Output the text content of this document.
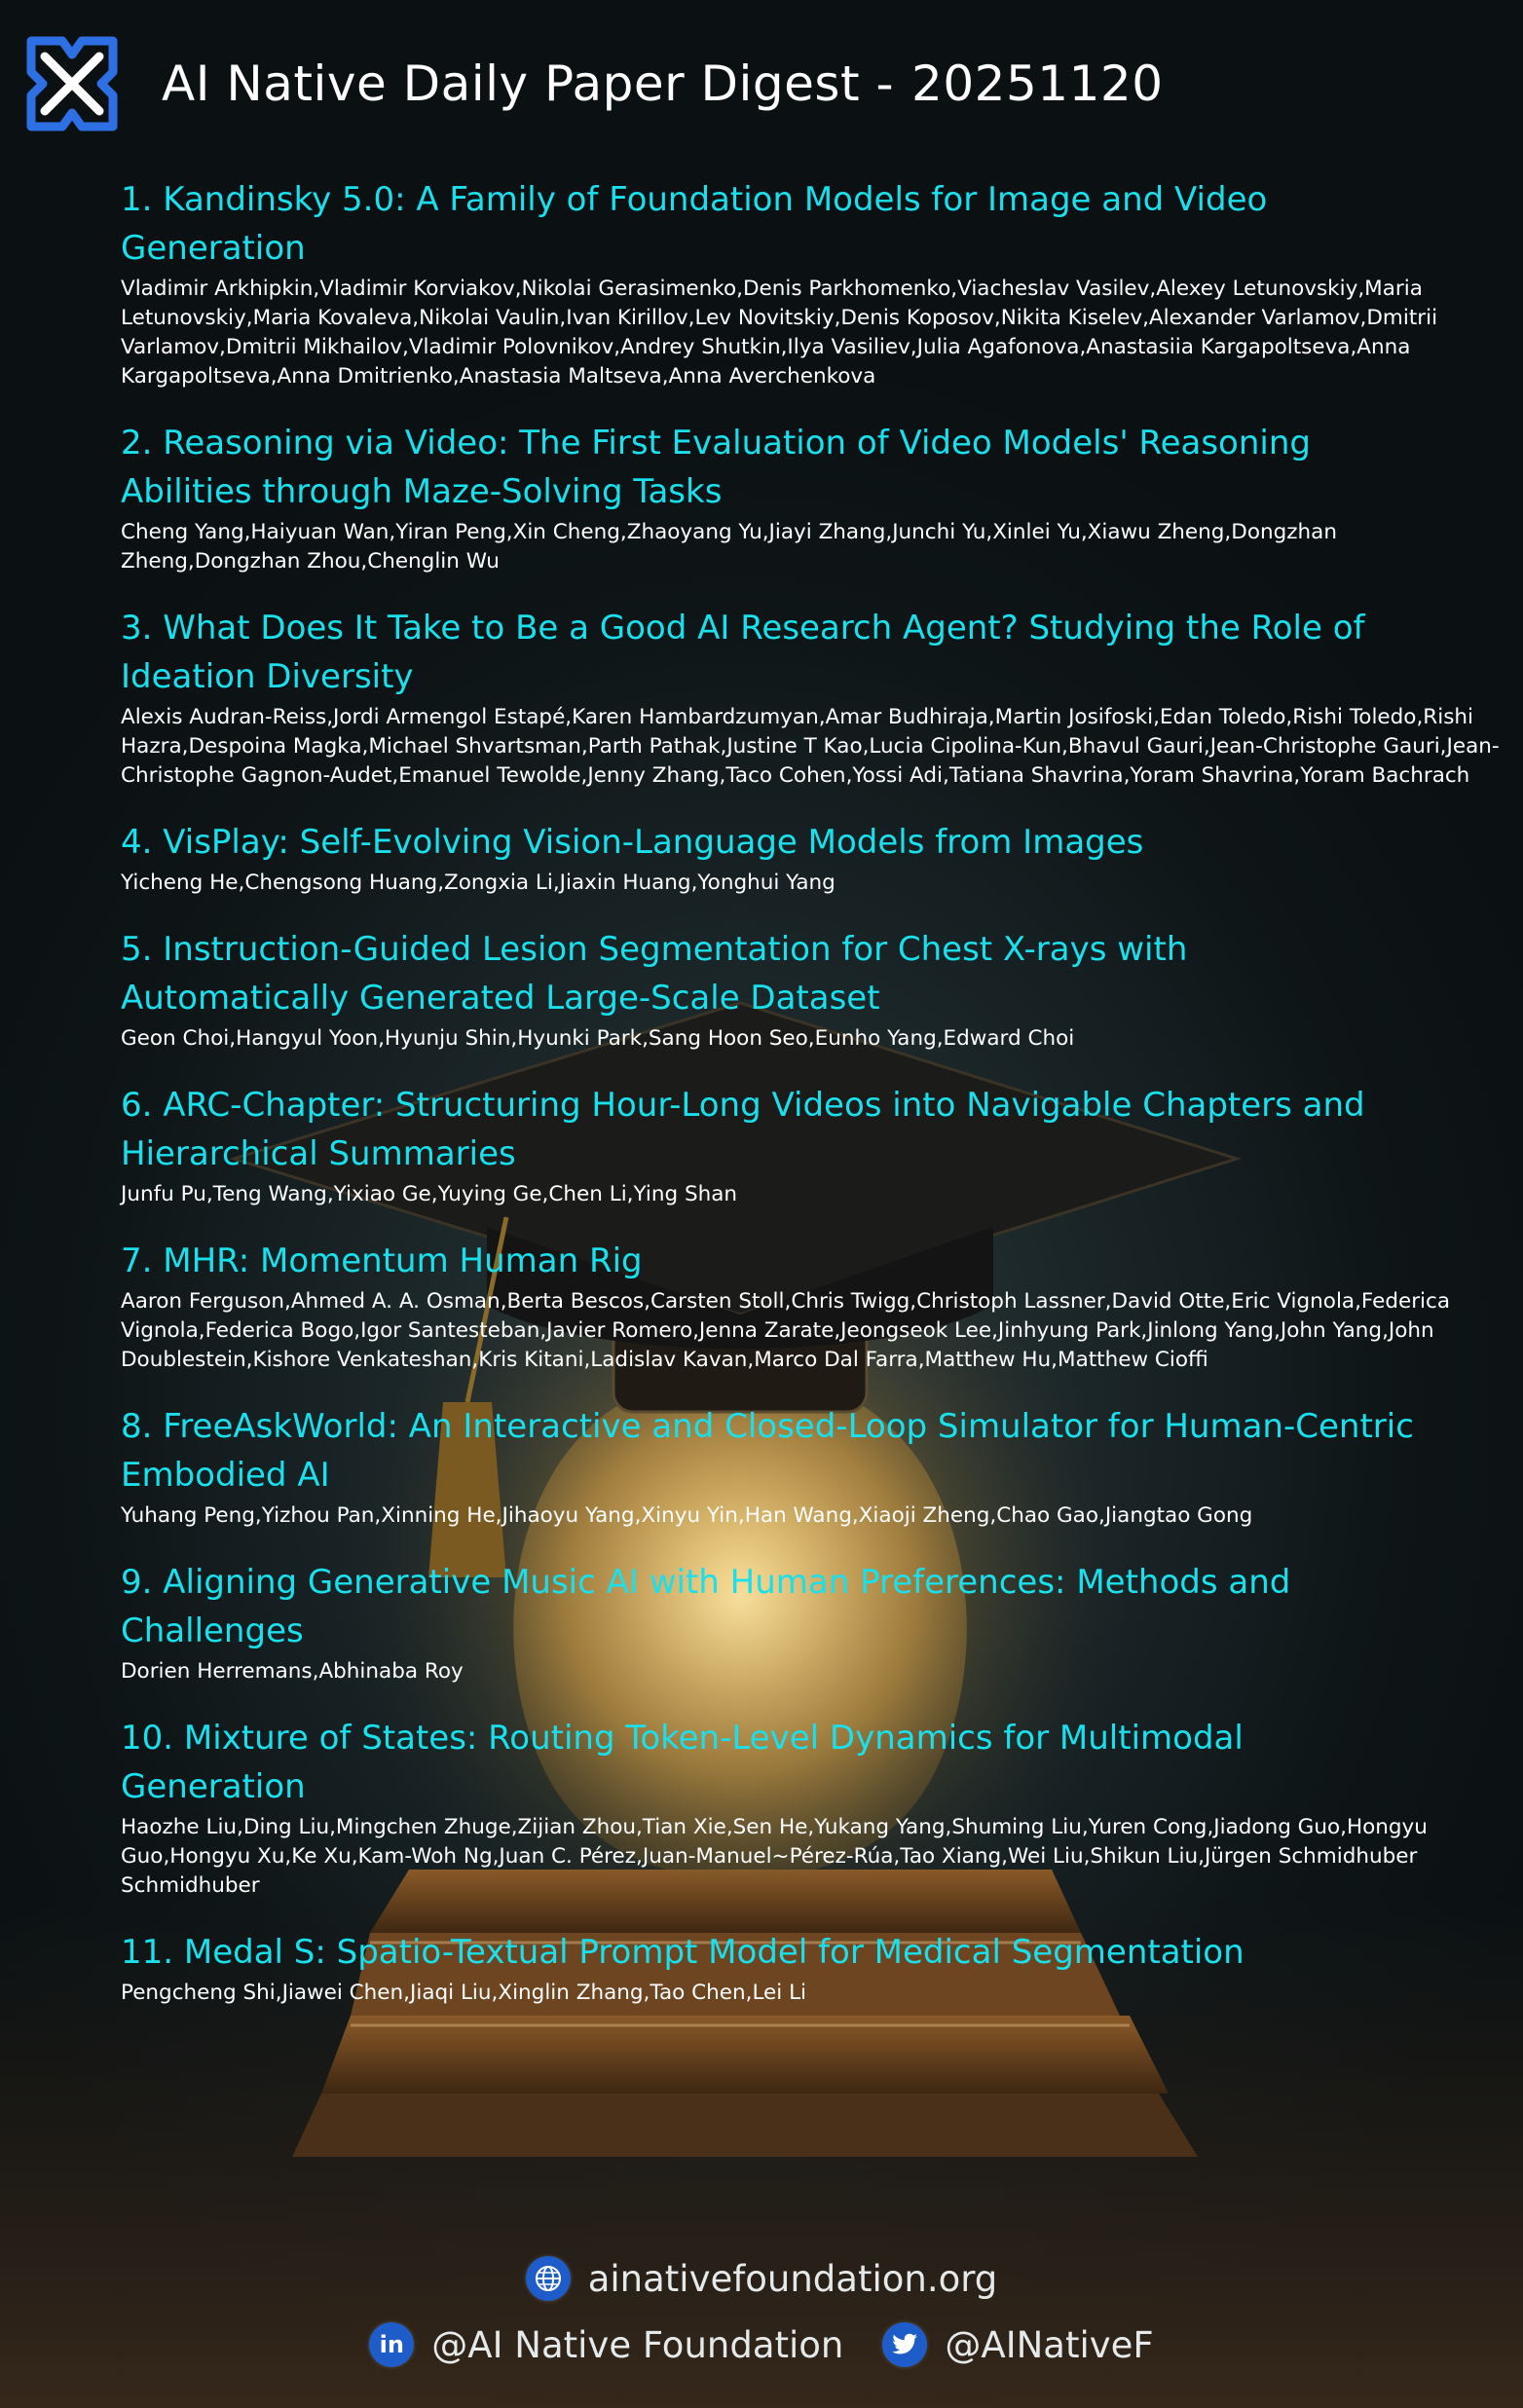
AI Native Daily Paper Digest - 20251120
1. Kandinsky 5.0: A Family of Foundation Models for Image and Video Generation
Vladimir Arkhipkin,Vladimir Korviakov,Nikolai Gerasimenko,Denis Parkhomenko,Viacheslav Vasilev,Alexey Letunovskiy,Maria Letunovskiy,Maria Kovaleva,Nikolai Vaulin,Ivan Kirillov,Lev Novitskiy,Denis Koposov,Nikita Kiselev,Alexander Varlamov,Dmitrii Varlamov,Dmitrii Mikhailov,Vladimir Polovnikov,Andrey Shutkin,Ilya Vasiliev,Julia Agafonova,Anastasiia Kargapoltseva,Anna Kargapoltseva,Anna Dmitrienko,Anastasia Maltseva,Anna Averchenkova
2. Reasoning via Video: The First Evaluation of Video Models' Reasoning Abilities through Maze-Solving Tasks
Cheng Yang,Haiyuan Wan,Yiran Peng,Xin Cheng,Zhaoyang Yu,Jiayi Zhang,Junchi Yu,Xinlei Yu,Xiawu Zheng,Dongzhan Zheng,Dongzhan Zhou,Chenglin Wu
3. What Does It Take to Be a Good AI Research Agent? Studying the Role of Ideation Diversity
Alexis Audran-Reiss,Jordi Armengol Estapé,Karen Hambardzumyan,Amar Budhiraja,Martin Josifoski,Edan Toledo,Rishi Toledo,Rishi Hazra,Despoina Magka,Michael Shvartsman,Parth Pathak,Justine T Kao,Lucia Cipolina-Kun,Bhavul Gauri,Jean-Christophe Gauri,Jean-Christophe Gagnon-Audet,Emanuel Tewolde,Jenny Zhang,Taco Cohen,Yossi Adi,Tatiana Shavrina,Yoram Shavrina,Yoram Bachrach
4. VisPlay: Self-Evolving Vision-Language Models from Images
Yicheng He,Chengsong Huang,Zongxia Li,Jiaxin Huang,Yonghui Yang
5. Instruction-Guided Lesion Segmentation for Chest X-rays with Automatically Generated Large-Scale Dataset
Geon Choi,Hangyul Yoon,Hyunju Shin,Hyunki Park,Sang Hoon Seo,Eunho Yang,Edward Choi
6. ARC-Chapter: Structuring Hour-Long Videos into Navigable Chapters and Hierarchical Summaries
Junfu Pu,Teng Wang,Yixiao Ge,Yuying Ge,Chen Li,Ying Shan
7. MHR: Momentum Human Rig
Aaron Ferguson,Ahmed A. A. Osman,Berta Bescos,Carsten Stoll,Chris Twigg,Christoph Lassner,David Otte,Eric Vignola,Federica Vignola,Federica Bogo,Igor Santesteban,Javier Romero,Jenna Zarate,Jeongseok Lee,Jinhyung Park,Jinlong Yang,John Yang,John Doublestein,Kishore Venkateshan,Kris Kitani,Ladislav Kavan,Marco Dal Farra,Matthew Hu,Matthew Cioffi
8. FreeAskWorld: An Interactive and Closed-Loop Simulator for Human-Centric Embodied AI
Yuhang Peng,Yizhou Pan,Xinning He,Jihaoyu Yang,Xinyu Yin,Han Wang,Xiaoji Zheng,Chao Gao,Jiangtao Gong
9. Aligning Generative Music AI with Human Preferences: Methods and Challenges
Dorien Herremans,Abhinaba Roy
10. Mixture of States: Routing Token-Level Dynamics for Multimodal Generation
Haozhe Liu,Ding Liu,Mingchen Zhuge,Zijian Zhou,Tian Xie,Sen He,Yukang Yang,Shuming Liu,Yuren Cong,Jiadong Guo,Hongyu Guo,Hongyu Xu,Ke Xu,Kam-Woh Ng,Juan C. Pérez,Juan-Manuel~Pérez-Rúa,Tao Xiang,Wei Liu,Shikun Liu,Jürgen Schmidhuber Schmidhuber
11. Medal S: Spatio-Textual Prompt Model for Medical Segmentation
Pengcheng Shi,Jiawei Chen,Jiaqi Liu,Xinglin Zhang,Tao Chen,Lei Li
ainativefoundation.org
in @AI Native Foundation	@AINativeF
